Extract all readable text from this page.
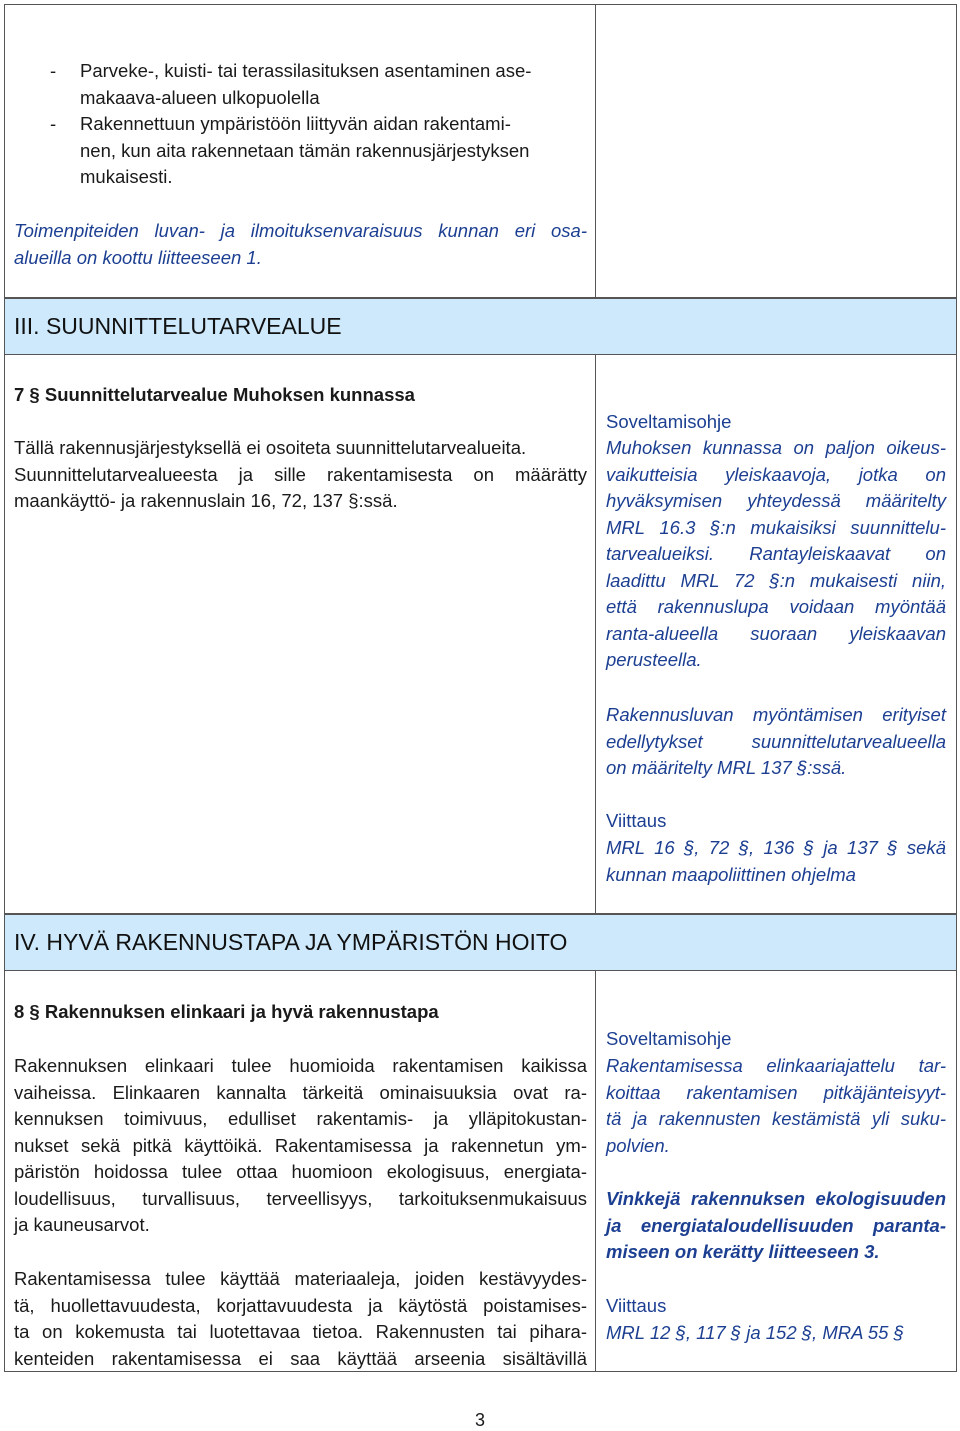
-	Parveke-, kuisti- tai terassilasituksen asentaminen ase-
makaava-alueen ulkopuolella
-	Rakennettuun ympäristöön liittyvän aidan rakentami-
nen, kun aita rakennetaan tämän rakennusjärjestyksen
mukaisesti.
Toimenpiteiden luvan- ja ilmoituksenvaraisuus kunnan eri osa-
alueilla on koottu liitteeseen 1.
III. SUUNNITTELUTARVEALUE
7 § Suunnittelutarvealue Muhoksen kunnassa
Tällä rakennusjärjestyksellä ei osoiteta suunnittelutarvealueita.
Suunnittelutarvealueesta ja sille rakentamisesta on määrätty
maankäyttö- ja rakennuslain 16, 72, 137 §:ssä.
Soveltamisohje
Muhoksen kunnassa on paljon oikeus-
vaikutteisia yleiskaavoja, jotka on
hyväksymisen yhteydessä määritelty
MRL 16.3 §:n mukaisiksi suunnittelu-
tarvealueiksi. Rantayleiskaavat on
laadittu MRL 72 §:n mukaisesti niin,
että rakennuslupa voidaan myöntää
ranta-alueella suoraan yleiskaavan
perusteella.
Rakennusluvan myöntämisen erityiset
edellytykset suunnittelutarvealueella
on määritelty MRL 137 §:ssä.
Viittaus
MRL 16 §, 72 §, 136 § ja 137 § sekä
kunnan maapoliittinen ohjelma
IV. HYVÄ RAKENNUSTAPA JA YMPÄRISTÖN HOITO
8 § Rakennuksen elinkaari ja hyvä rakennustapa
Rakennuksen elinkaari tulee huomioida rakentamisen kaikissa
vaiheissa. Elinkaaren kannalta tärkeitä ominaisuuksia ovat ra-
kennuksen toimivuus, edulliset rakentamis- ja ylläpitokustan-
nukset sekä pitkä käyttöikä. Rakentamisessa ja rakennetun ym-
päristön hoidossa tulee ottaa huomioon ekologisuus, energiata-
loudellisuus, turvallisuus, terveellisyys, tarkoituksenmukaisuus
ja kauneusarvot.
Rakentamisessa tulee käyttää materiaaleja, joiden kestävyydes-
tä, huollettavuudesta, korjattavuudesta ja käytöstä poistamises-
ta on kokemusta tai luotettavaa tietoa. Rakennusten tai piharа-
kenteiden rakentamisessa ei saa käyttää arseenia sisältävillä
Soveltamisohje
Rakentamisessa elinkaariajattelu tar-
koittaa rakentamisen pitkäjänteisyyt-
tä ja rakennusten kestämistä yli suku-
polvien.
Vinkkejä rakennuksen ekologisuuden
ja energiataloudellisuuden paranta-
miseen on kerätty liitteeseen 3.
Viittaus
MRL 12 §, 117 § ja 152 §, MRA 55 §
3
